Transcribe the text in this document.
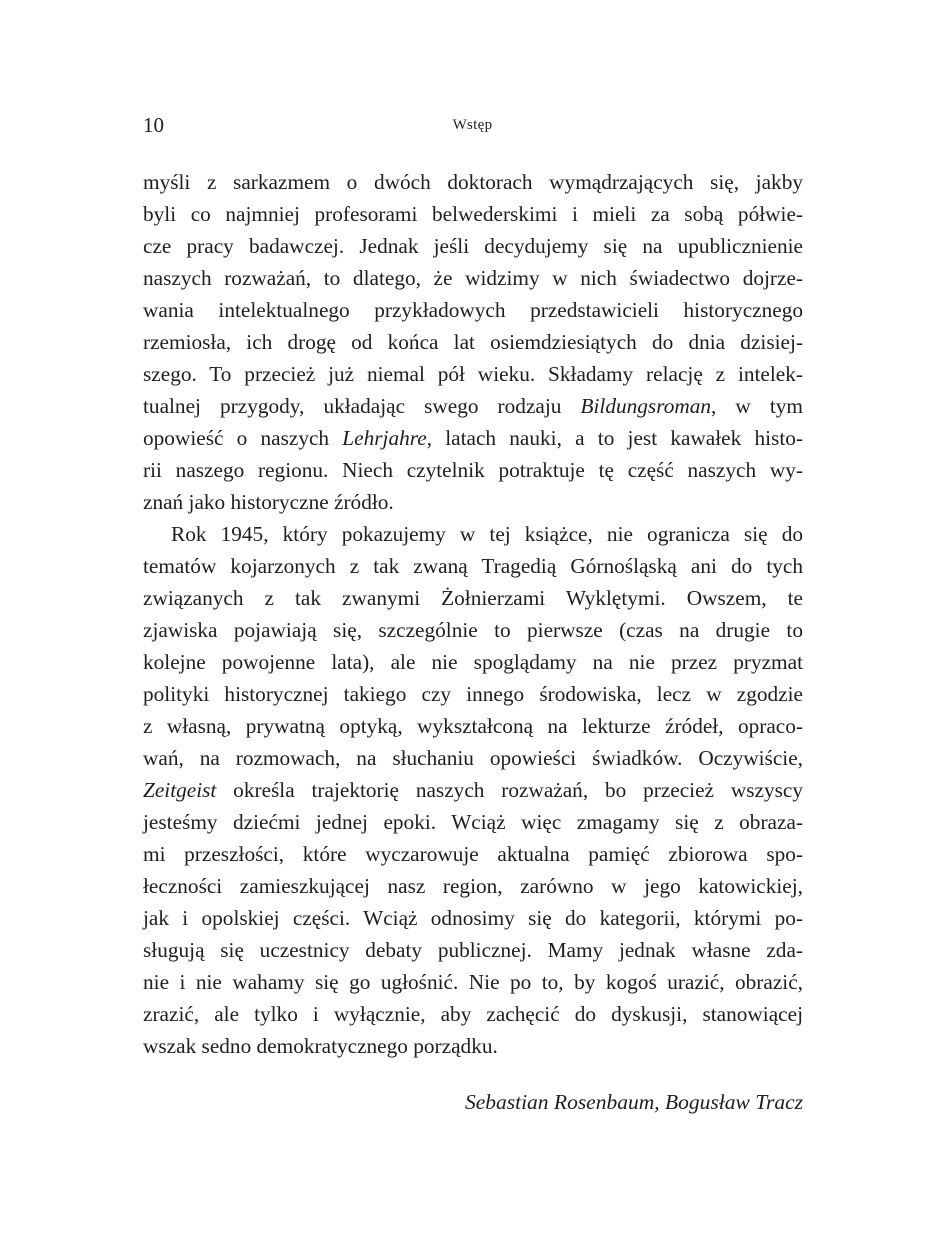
10	Wstęp
myśli z sarkazmem o dwóch doktorach wymądrzających się, jakby
byli co najmniej profesorami belwederskimi i mieli za sobą półwie-
cze pracy badawczej. Jednak jeśli decydujemy się na upublicznienie
naszych rozważań, to dlatego, że widzimy w nich świadectwo dojrze-
wania intelektualnego przykładowych przedstawicieli historycznego
rzemiosła, ich drogę od końca lat osiemdziesiątych do dnia dzisiej-
szego. To przecież już niemal pół wieku. Składamy relację z intelek-
tualnej przygody, układając swego rodzaju Bildungsroman, w tym
opowieść o naszych Lehrjahre, latach nauki, a to jest kawałek histo-
rii naszego regionu. Niech czytelnik potraktuje tę część naszych wy-
znań jako historyczne źródło.
Rok 1945, który pokazujemy w tej książce, nie ogranicza się do
tematów kojarzonych z tak zwaną Tragedią Górnośląską ani do tych
związanych z tak zwanymi Żołnierzami Wyklętymi. Owszem, te
zjawiska pojawiają się, szczególnie to pierwsze (czas na drugie to
kolejne powojenne lata), ale nie spoglądamy na nie przez pryzmat
polityki historycznej takiego czy innego środowiska, lecz w zgodzie
z własną, prywatną optyką, wykształconą na lekturze źródeł, opraco-
wań, na rozmowach, na słuchaniu opowieści świadków. Oczywiście,
Zeitgeist określa trajektorię naszych rozważań, bo przecież wszyscy
jesteśmy dziećmi jednej epoki. Wciąż więc zmagamy się z obraza-
mi przeszłości, które wyczarowuje aktualna pamięć zbiorowa spo-
łeczności zamieszkującej nasz region, zarówno w jego katowickiej,
jak i opolskiej części. Wciąż odnosimy się do kategorii, którymi po-
sługują się uczestnicy debaty publicznej. Mamy jednak własne zda-
nie i nie wahamy się go ugłośnić. Nie po to, by kogoś urazić, obrazić,
zrazić, ale tylko i wyłącznie, aby zachęcić do dyskusji, stanowiącej
wszak sedno demokratycznego porządku.
Sebastian Rosenbaum, Bogusław Tracz
